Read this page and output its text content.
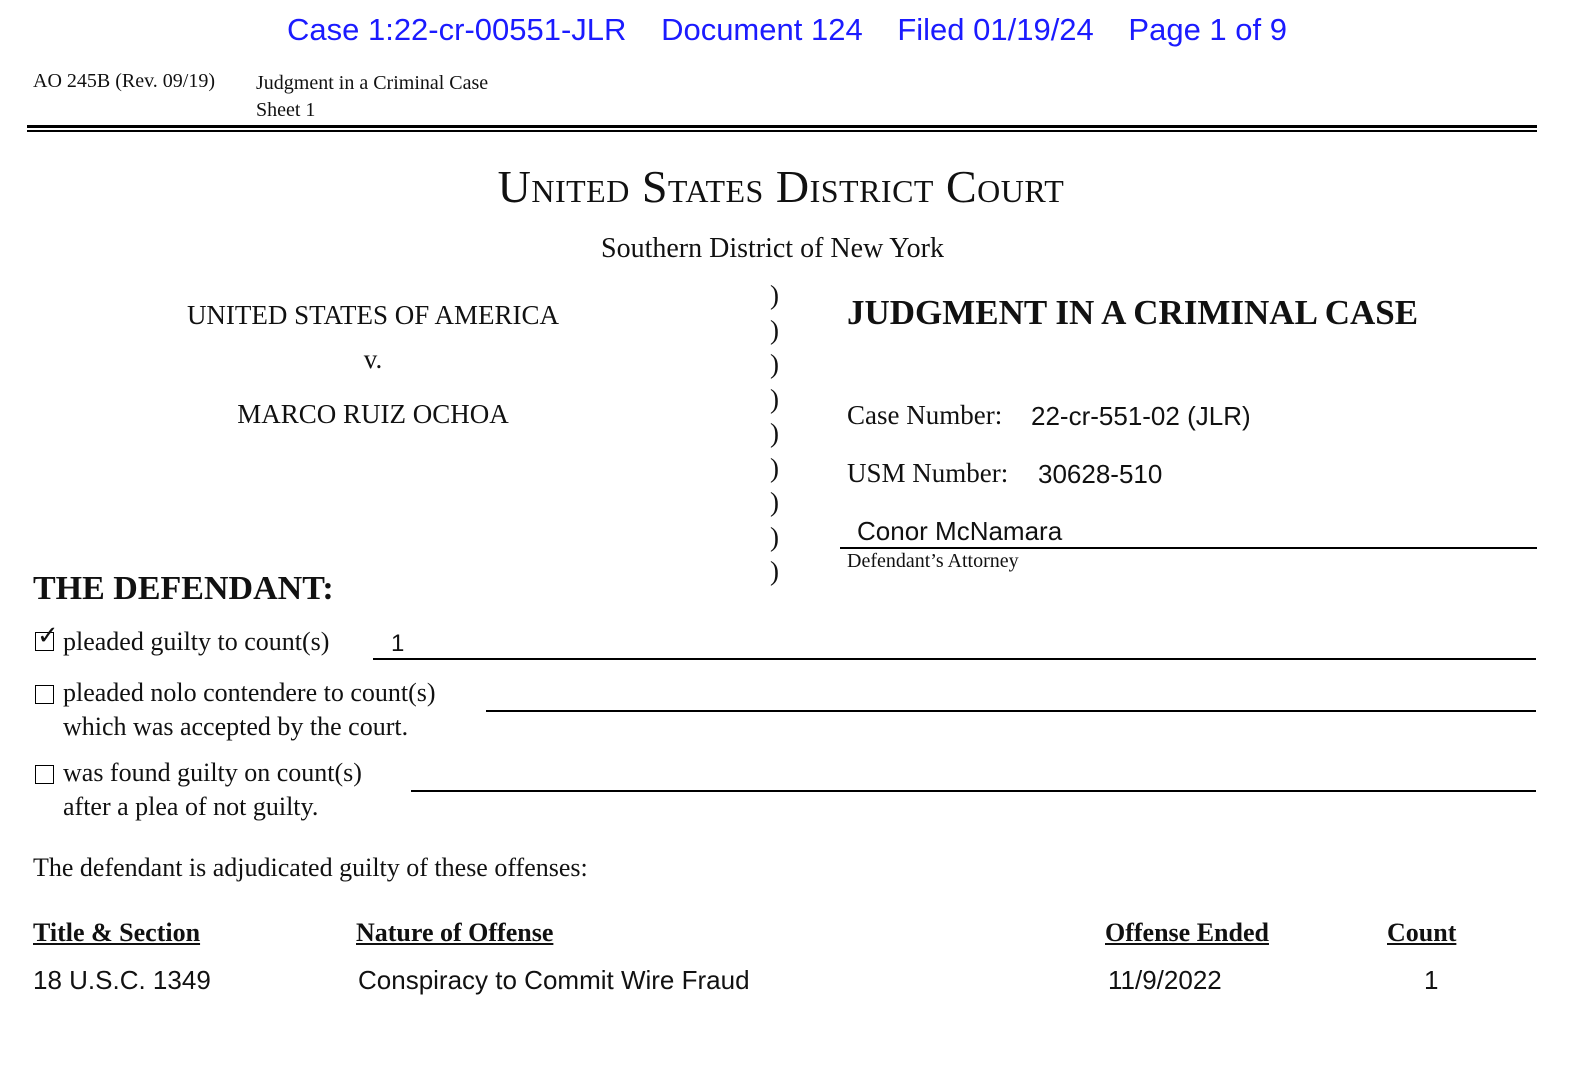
Case 1:22-cr-00551-JLR Document 124 Filed 01/19/24 Page 1 of 9
AO 245B (Rev. 09/19) Judgment in a Criminal Case
Sheet 1
United States District Court
Southern District of New York
UNITED STATES OF AMERICA
v.
MARCO RUIZ OCHOA
)
)
)
)
)
)
)
)
)
JUDGMENT IN A CRIMINAL CASE
Case Number: 22-cr-551-02 (JLR)
USM Number: 30628-510
Conor McNamara
Defendant’s Attorney
THE DEFENDANT:
✓ pleaded guilty to count(s)	1
pleaded nolo contendere to count(s)
which was accepted by the court.
was found guilty on count(s)
after a plea of not guilty.
The defendant is adjudicated guilty of these offenses:
Title & Section	Nature of Offense	Offense Ended	Count
18 U.S.C. 1349	Conspiracy to Commit Wire Fraud	11/9/2022	1
